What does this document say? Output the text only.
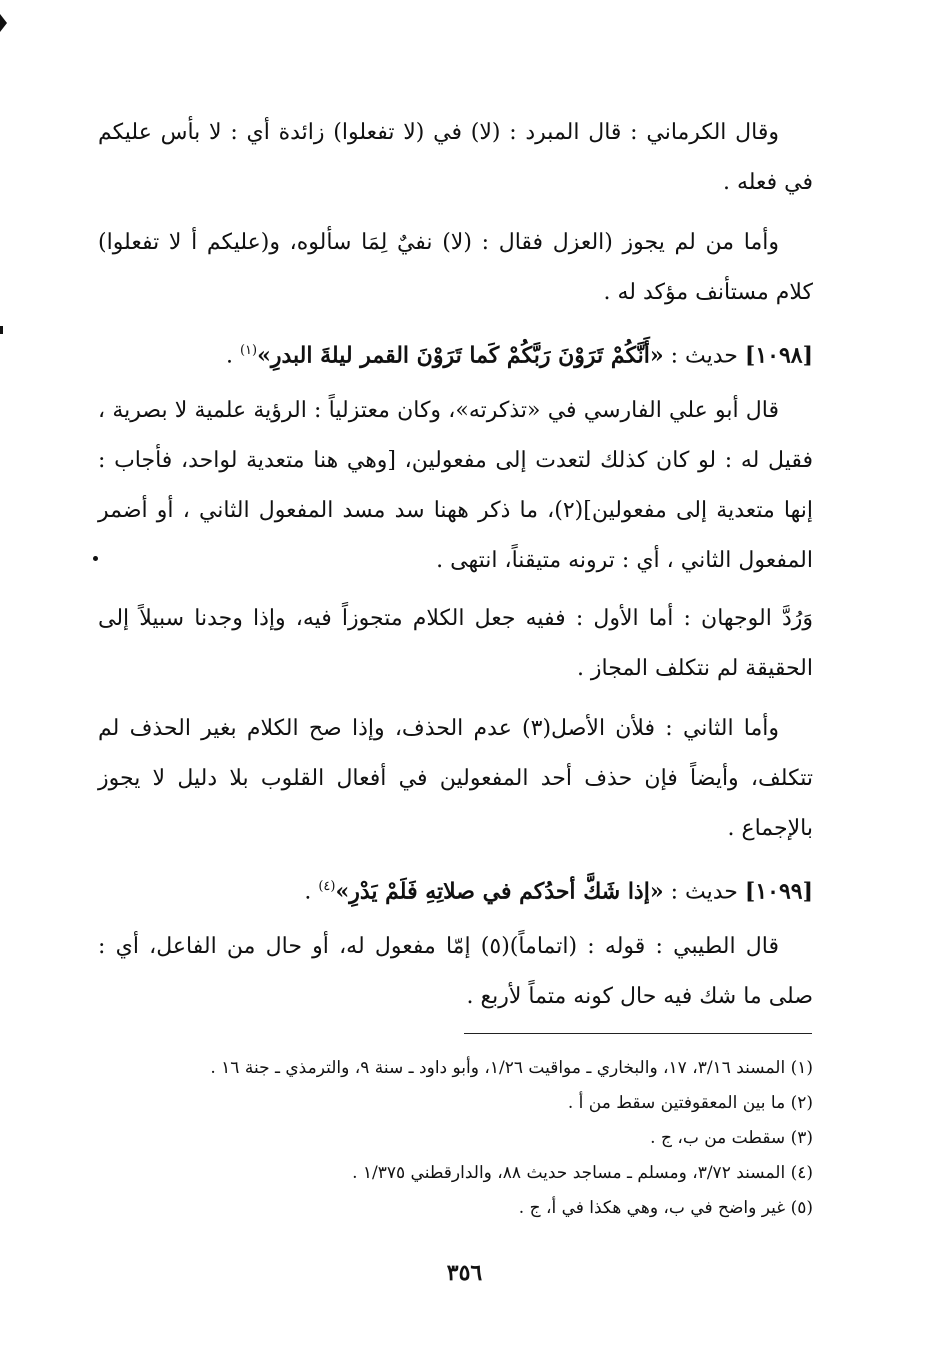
وقال الكرماني : قال المبرد : (لا) في (لا تفعلوا) زائدة أي : لا بأس عليكم في فعله .

وأما من لم يجوز (العزل فقال : (لا) نفيٌ لِمَا سألوه، و(عليكم أ لا تفعلوا) كلام مستأنف مؤكد له .

[١٠٩٨] حديث : «أَنَّكُمْ تَرَوْنَ رَبَّكُمْ كَما تَرَوْنَ القمر ليلةَ البدرِ»$^{(١)}$ .

قال أبو علي الفارسي في «تذكرته»، وكان معتزلياً : الرؤية علمية لا بصرية ، فقيل له : لو كان كذلك لتعدت إلى مفعولين، [وهي هنا متعدية لواحد، فأجاب : إنها متعدية إلى مفعولين](٢)، ما ذكر ههنا سد مسد المفعول الثاني ، أو أضمر المفعول الثاني ، أي : ترونه متيقناً، انتهى .

وَرُدَّ الوجهان : أما الأول : ففيه جعل الكلام متجوزاً فيه، وإذا وجدنا سبيلاً إلى الحقيقة لم نتكلف المجاز .

وأما الثاني : فلأن الأصل(٣) عدم الحذف، وإذا صح الكلام بغير الحذف لم تتكلف، وأيضاً فإن حذف أحد المفعولين في أفعال القلوب بلا دليل لا يجوز بالإجماع .

[١٠٩٩] حديث : «إذا شَكَّ أحدُكم في صلاتِهِ فَلَمْ يَدْرِ»$^{(٤)}$ .

قال الطيبي : قوله : (اتماماً)(٥) إمّا مفعول له، أو حال من الفاعل، أي : صلى ما شك فيه حال كونه متماً لأربع .

(١) المسند ٣/١٦، ١٧، والبخاري ـ مواقيت ١/٢٦، وأبو داود ـ سنة ٩، والترمذي ـ جنة ١٦ .

(٢) ما بين المعقوفتين سقط من أ .

(٣) سقطت من ب، ج .

(٤) المسند ٣/٧٢، ومسلم ـ مساجد حديث ٨٨، والدارقطني ١/٣٧٥ .

(٥) غير واضح في ب، وهي هكذا في أ، ج .

٣٥٦
